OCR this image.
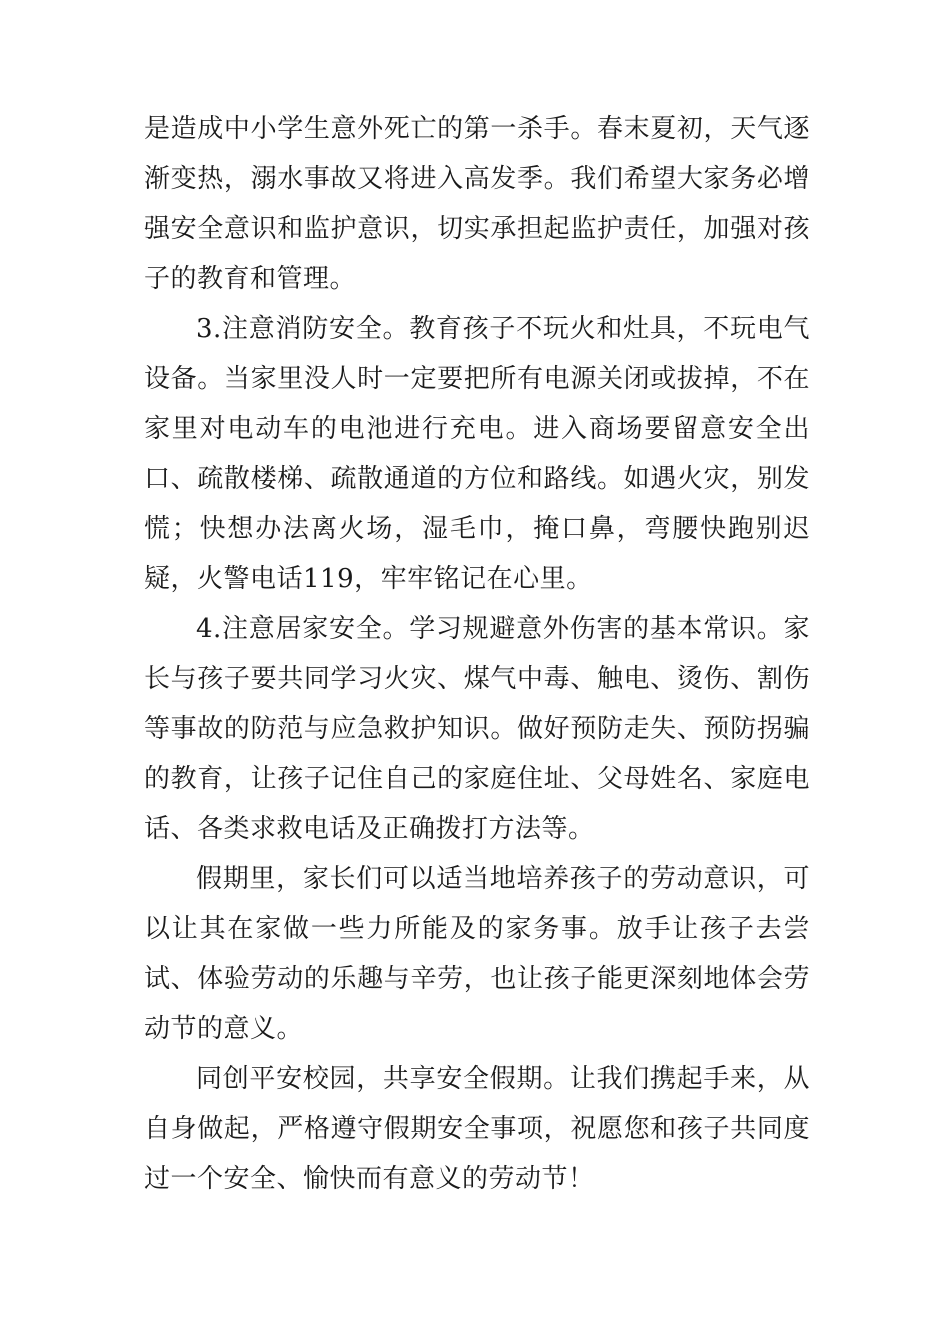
是造成中小学生意外死亡的第一杀手。春末夏初，天气逐渐变热，溺水事故又将进入高发季。我们希望大家务必增强安全意识和监护意识，切实承担起监护责任，加强对孩子的教育和管理。

3.注意消防安全。教育孩子不玩火和灶具，不玩电气设备。当家里没人时一定要把所有电源关闭或拔掉，不在家里对电动车的电池进行充电。进入商场要留意安全出口、疏散楼梯、疏散通道的方位和路线。如遇火灾，别发慌；快想办法离火场，湿毛巾，掩口鼻，弯腰快跑别迟疑，火警电话119，牢牢铭记在心里。

4.注意居家安全。学习规避意外伤害的基本常识。家长与孩子要共同学习火灾、煤气中毒、触电、烫伤、割伤等事故的防范与应急救护知识。做好预防走失、预防拐骗的教育，让孩子记住自己的家庭住址、父母姓名、家庭电话、各类求救电话及正确拨打方法等。

假期里，家长们可以适当地培养孩子的劳动意识，可以让其在家做一些力所能及的家务事。放手让孩子去尝试、体验劳动的乐趣与辛劳，也让孩子能更深刻地体会劳动节的意义。

同创平安校园，共享安全假期。让我们携起手来，从自身做起，严格遵守假期安全事项，祝愿您和孩子共同度过一个安全、愉快而有意义的劳动节！
